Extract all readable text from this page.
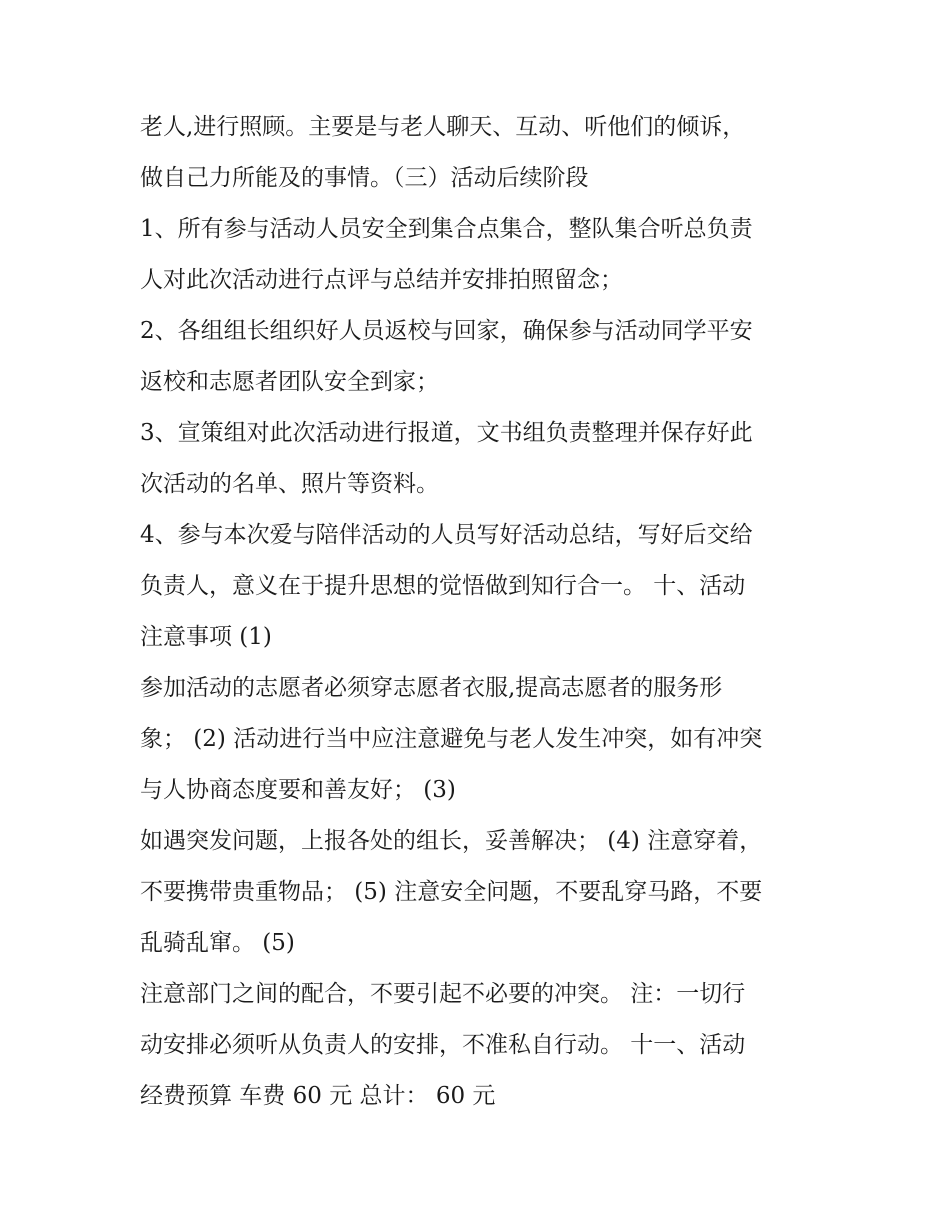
老人,进行照顾。主要是与老人聊天、互动、听他们的倾诉，
做自己力所能及的事情。（三）活动后续阶段
1、所有参与活动人员安全到集合点集合，整队集合听总负责
人对此次活动进行点评与总结并安排拍照留念；
2、各组组长组织好人员返校与回家，确保参与活动同学平安
返校和志愿者团队安全到家；
3、宣策组对此次活动进行报道，文书组负责整理并保存好此
次活动的名单、照片等资料。
4、参与本次爱与陪伴活动的人员写好活动总结，写好后交给
负责人，意义在于提升思想的觉悟做到知行合一。 十、活动
注意事项 (1)
参加活动的志愿者必须穿志愿者衣服,提高志愿者的服务形
象； (2) 活动进行当中应注意避免与老人发生冲突，如有冲突
与人协商态度要和善友好； (3)
如遇突发问题，上报各处的组长，妥善解决； (4) 注意穿着，
不要携带贵重物品； (5) 注意安全问题，不要乱穿马路，不要
乱骑乱窜。 (5)
注意部门之间的配合，不要引起不必要的冲突。 注：一切行
动安排必须听从负责人的安排，不准私自行动。 十一、活动
经费预算 车费 60 元 总计： 60 元
